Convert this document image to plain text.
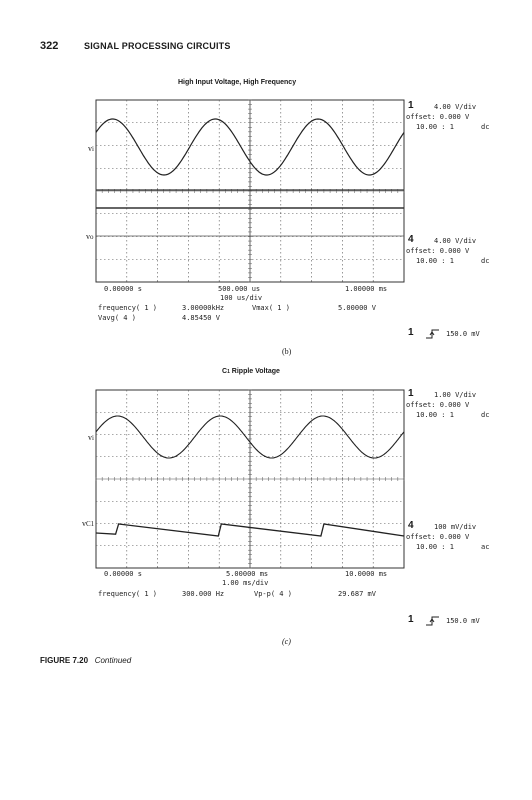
322	SIGNAL PROCESSING CIRCUITS
High Input Voltage, High Frequency
vi
vo
1	4.00 V/div
offset: 0.000 V
10.00 : 1	dc
4	4.00 V/div
offset: 0.000 V
10.00 : 1	dc
0.00000 s	500.000 us	1.00000 ms
100 us/div
frequency( 1 )	3.00000kHz	Vmax( 1 )	5.00000 V
Vavg( 4 )	4.85450 V
1	150.0 mV
(b)
C1 Ripple Voltage
vi
vC1
1	1.00 V/div
offset: 0.000 V
10.00 : 1	dc
4	100 mV/div
offset: 0.000 V
10.00 : 1	ac
0.00000 s	5.00000 ms	10.0000 ms
1.00 ms/div
frequency( 1 )	300.000 Hz	Vp-p( 4 )	29.687 mV
1	150.0 mV
(c)
FIGURE 7.20 Continued
